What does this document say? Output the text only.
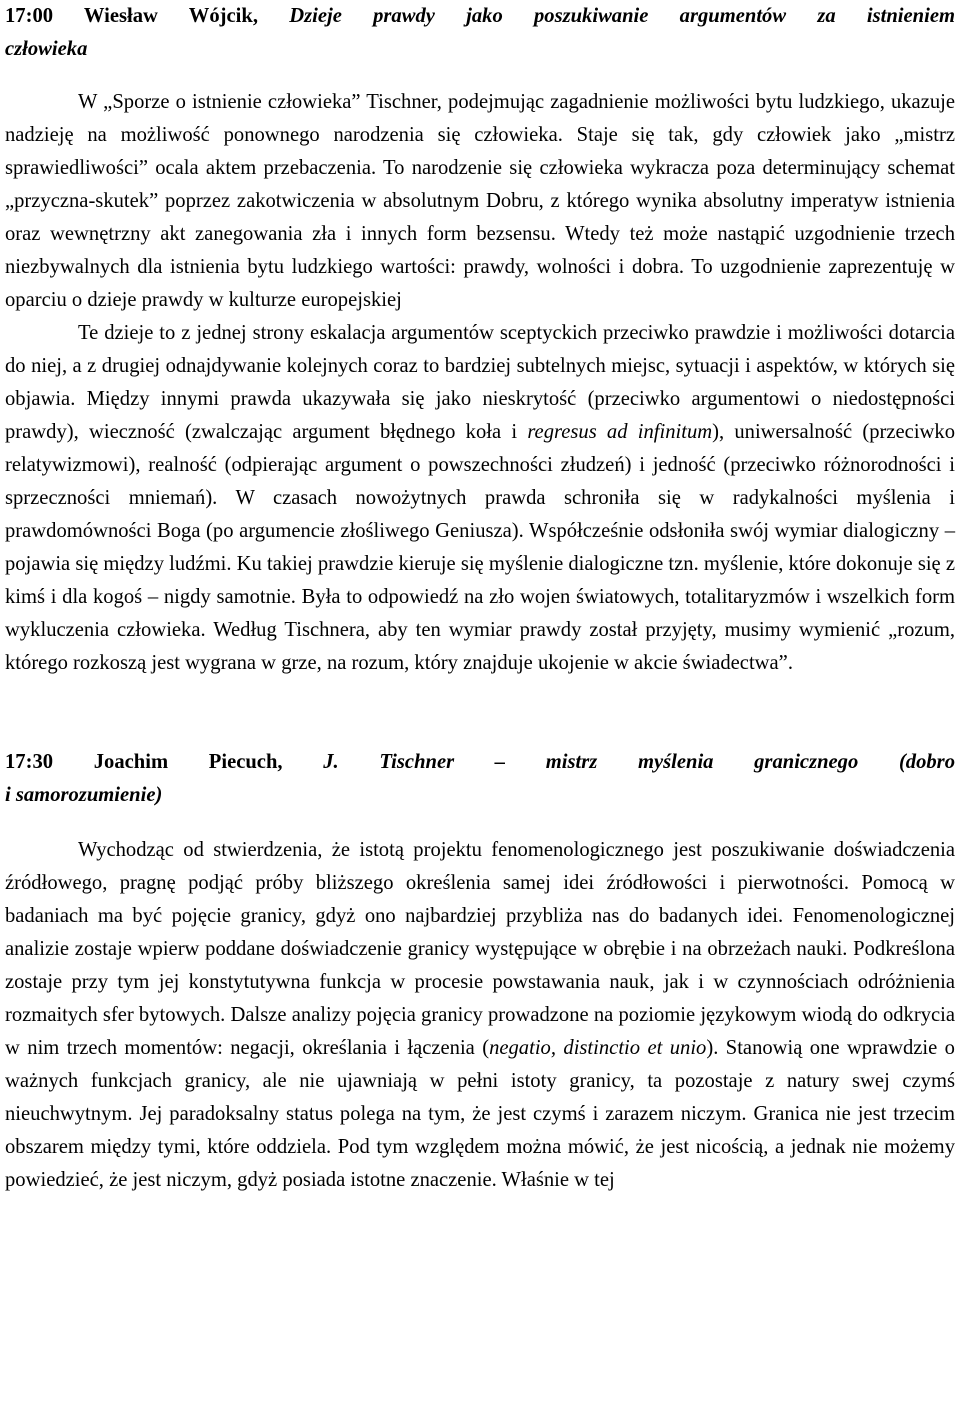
17:00 Wiesław Wójcik, Dzieje prawdy jako poszukiwanie argumentów za istnieniem
człowieka

W „Sporze o istnienie człowieka” Tischner, podejmując zagadnienie możliwości bytu ludzkiego, ukazuje nadzieję na możliwość ponownego narodzenia się człowieka. Staje się tak, gdy człowiek jako „mistrz sprawiedliwości” ocala aktem przebaczenia. To narodzenie się człowieka wykracza poza determinujący schemat „przyczna-skutek” poprzez zakotwiczenia w absolutnym Dobru, z którego wynika absolutny imperatyw istnienia oraz wewnętrzny akt zanegowania zła i innych form bezsensu. Wtedy też może nastąpić uzgodnienie trzech niezbywalnych dla istnienia bytu ludzkiego wartości: prawdy, wolności i dobra. To uzgodnienie zaprezentuję w oparciu o dzieje prawdy w kulturze europejskiej

Te dzieje to z jednej strony eskalacja argumentów sceptyckich przeciwko prawdzie i możliwości dotarcia do niej, a z drugiej odnajdywanie kolejnych coraz to bardziej subtelnych miejsc, sytuacji i aspektów, w których się objawia. Między innymi prawda ukazywała się jako nieskrytość (przeciwko argumentowi o niedostępności prawdy), wieczność (zwalczając argument błędnego koła i regresus ad infinitum), uniwersalność (przeciwko relatywizmowi), realność (odpierając argument o powszechności złudzeń) i jedność (przeciwko różnorodności i sprzeczności mniemań). W czasach nowożytnych prawda schroniła się w radykalności myślenia i prawdomówności Boga (po argumencie złośliwego Geniusza). Współcześnie odsłoniła swój wymiar dialogiczny – pojawia się między ludźmi. Ku takiej prawdzie kieruje się myślenie dialogiczne tzn. myślenie, które dokonuje się z kimś i dla kogoś – nigdy samotnie. Była to odpowiedź na zło wojen światowych, totalitaryzmów i wszelkich form wykluczenia człowieka. Według Tischnera, aby ten wymiar prawdy został przyjęty, musimy wymienić „rozum, którego rozkoszą jest wygrana w grze, na rozum, który znajduje ukojenie w akcie świadectwa”.

17:30 Joachim Piecuch, J. Tischner – mistrz myślenia granicznego (dobro
i samorozumienie)

Wychodząc od stwierdzenia, że istotą projektu fenomenologicznego jest poszukiwanie doświadczenia źródłowego, pragnę podjąć próby bliższego określenia samej idei źródłowości i pierwotności. Pomocą w badaniach ma być pojęcie granicy, gdyż ono najbardziej przybliża nas do badanych idei. Fenomenologicznej analizie zostaje wpierw poddane doświadczenie granicy występujące w obrębie i na obrzeżach nauki. Podkreślona zostaje przy tym jej konstytutywna funkcja w procesie powstawania nauk, jak i w czynnościach odróżnienia rozmaitych sfer bytowych. Dalsze analizy pojęcia granicy prowadzone na poziomie językowym wiodą do odkrycia w nim trzech momentów: negacji, określania i łączenia (negatio, distinctio et unio). Stanowią one wprawdzie o ważnych funkcjach granicy, ale nie ujawniają w pełni istoty granicy, ta pozostaje z natury swej czymś nieuchwytnym. Jej paradoksalny status polega na tym, że jest czymś i zarazem niczym. Granica nie jest trzecim obszarem między tymi, które oddziela. Pod tym względem można mówić, że jest nicością, a jednak nie możemy powiedzieć, że jest niczym, gdyż posiada istotne znaczenie. Właśnie w tej
